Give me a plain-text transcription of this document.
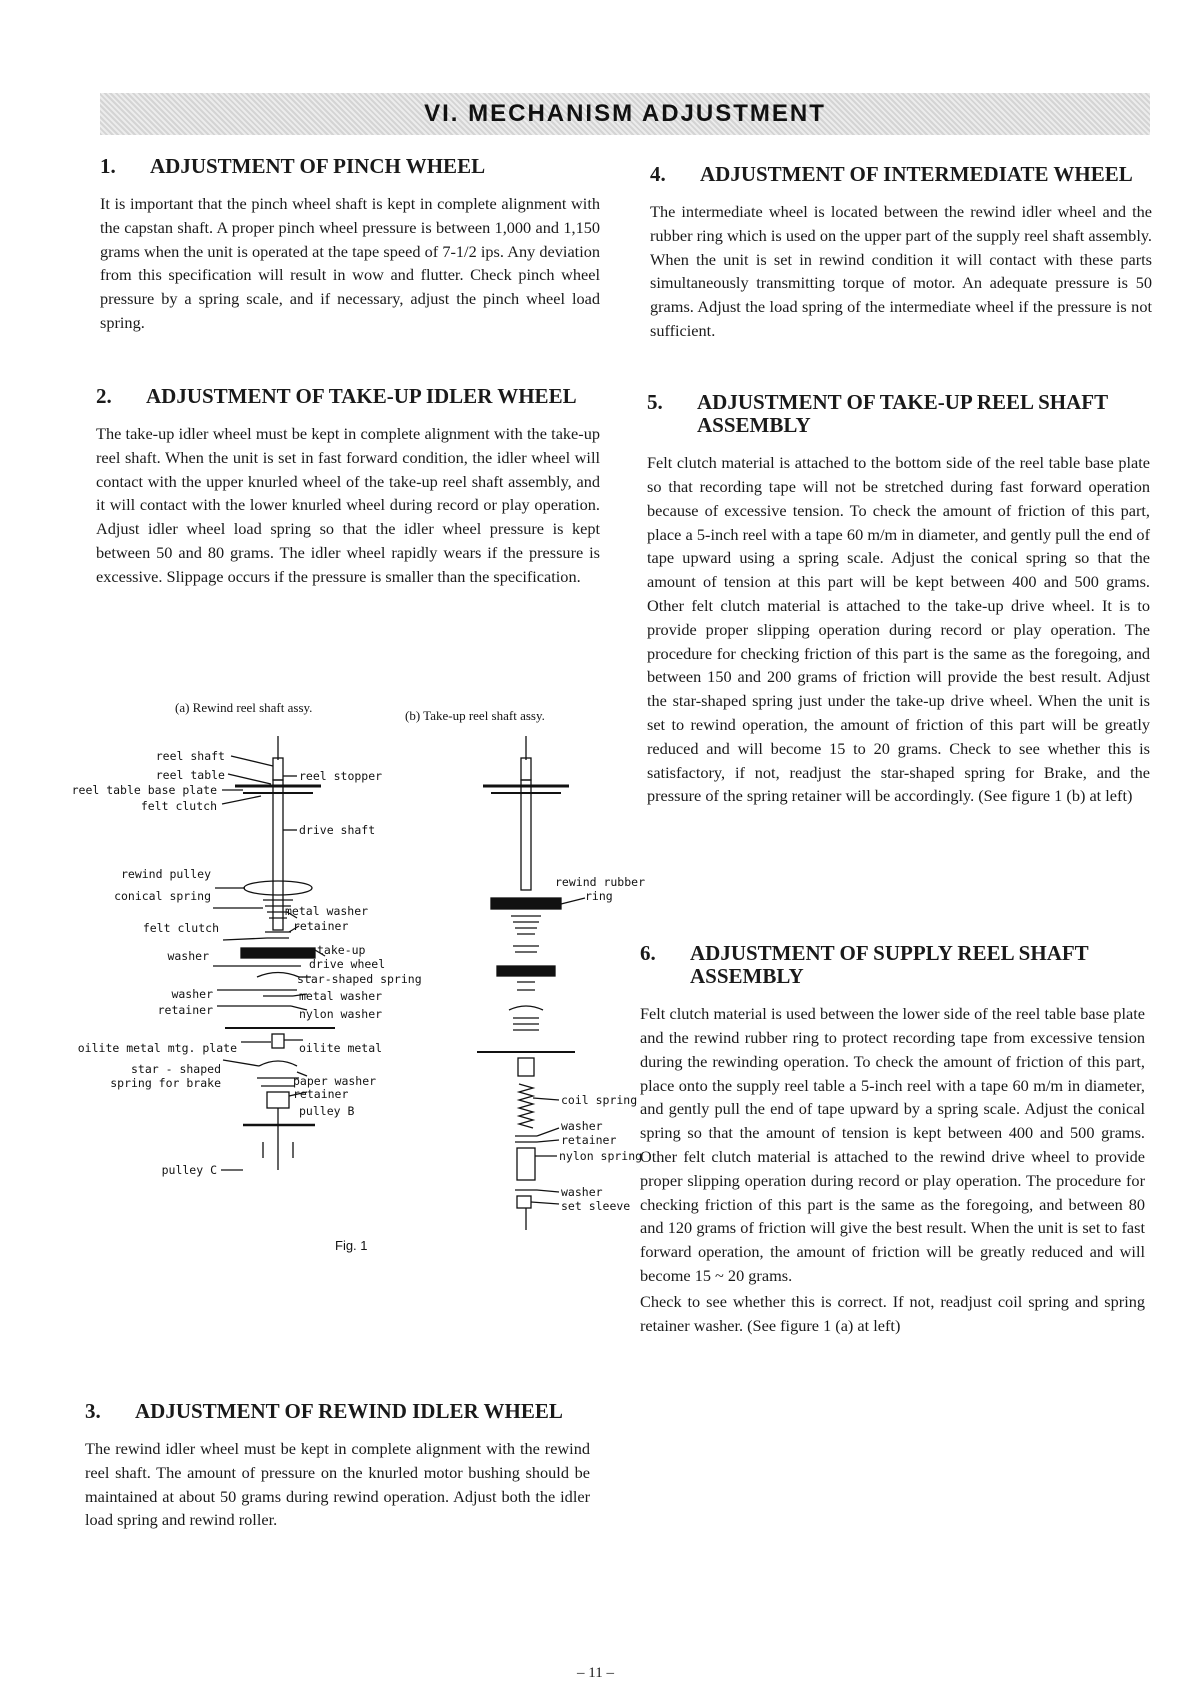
VI. MECHANISM ADJUSTMENT
1.	ADJUSTMENT OF PINCH WHEEL

It is important that the pinch wheel shaft is kept in complete alignment with the capstan shaft. A proper pinch wheel pressure is between 1,000 and 1,150 grams when the unit is operated at the tape speed of 7-1/2 ips. Any deviation from this specification will result in wow and flutter. Check pinch wheel pressure by a spring scale, and if necessary, adjust the pinch wheel load spring.

2.	ADJUSTMENT OF TAKE-UP IDLER WHEEL

The take-up idler wheel must be kept in complete alignment with the take-up reel shaft. When the unit is set in fast forward condition, the idler wheel will contact with the upper knurled wheel of the take-up reel shaft assembly, and it will contact with the lower knurled wheel during record or play operation. Adjust idler wheel load spring so that the idler wheel pressure is kept between 50 and 80 grams. The idler wheel rapidly wears if the pressure is excessive. Slippage occurs if the pressure is smaller than the specification.

(a) Rewind reel shaft assy.
(b) Take-up reel shaft assy.
reel shaft
reel table	reel stopper
reel table base plate
felt clutch
drive shaft
rewind pulley
conical spring
metal washer
felt clutch	retainer
washer	take-up
drive wheel
star-shaped spring
washer	metal washer
retainer	nylon washer
oilite metal mtg. plate	oilite metal
star - shaped
spring for brake	paper washer
retainer
pulley B
pulley C
rewind rubber
ring
coil spring
washer
retainer
nylon spring
washer
set sleeve
Fig. 1
3.	ADJUSTMENT OF REWIND IDLER WHEEL

The rewind idler wheel must be kept in complete alignment with the rewind reel shaft. The amount of pressure on the knurled motor bushing should be maintained at about 50 grams during rewind operation. Adjust both the idler load spring and rewind roller.

4.	ADJUSTMENT OF INTERMEDIATE WHEEL

The intermediate wheel is located between the rewind idler wheel and the rubber ring which is used on the upper part of the supply reel shaft assembly. When the unit is set in rewind condition it will contact with these parts simultaneously transmitting torque of motor. An adequate pressure is 50 grams. Adjust the load spring of the intermediate wheel if the pressure is not sufficient.

5.	ADJUSTMENT OF TAKE-UP REEL SHAFT ASSEMBLY

Felt clutch material is attached to the bottom side of the reel table base plate so that recording tape will not be stretched during fast forward operation because of excessive tension. To check the amount of friction of this part, place a 5-inch reel with a tape 60 m/m in diameter, and gently pull the end of tape upward using a spring scale. Adjust the conical spring so that the amount of tension at this part will be kept between 400 and 500 grams. Other felt clutch material is attached to the take-up drive wheel. It is to provide proper slipping operation during record or play operation. The procedure for checking friction of this part is the same as the foregoing, and between 150 and 200 grams of friction will provide the best result. Adjust the star-shaped spring just under the take-up drive wheel. When the unit is set to rewind operation, the amount of friction of this part will be greatly reduced and will become 15 to 20 grams. Check to see whether this is satisfactory, if not, readjust the star-shaped spring for Brake, and the pressure of the spring retainer will be accordingly. (See figure 1 (b) at left)

6.	ADJUSTMENT OF SUPPLY REEL SHAFT ASSEMBLY

Felt clutch material is used between the lower side of the reel table base plate and the rewind rubber ring to protect recording tape from excessive tension during the rewinding operation. To check the amount of friction of this part, place onto the supply reel table a 5-inch reel with a tape 60 m/m in diameter, and gently pull the end of tape upward by a spring scale. Adjust the conical spring so that the amount of tension is kept between 400 and 500 grams. Other felt clutch material is attached to the rewind drive wheel to provide proper slipping operation during record or play operation. The procedure for checking friction of this part is the same as the foregoing, and between 80 and 120 grams of friction will give the best result. When the unit is set to fast forward operation, the amount of friction will be greatly reduced and will become 15 ~ 20 grams.

Check to see whether this is correct. If not, readjust coil spring and spring retainer washer. (See figure 1 (a) at left)

– 11 –
